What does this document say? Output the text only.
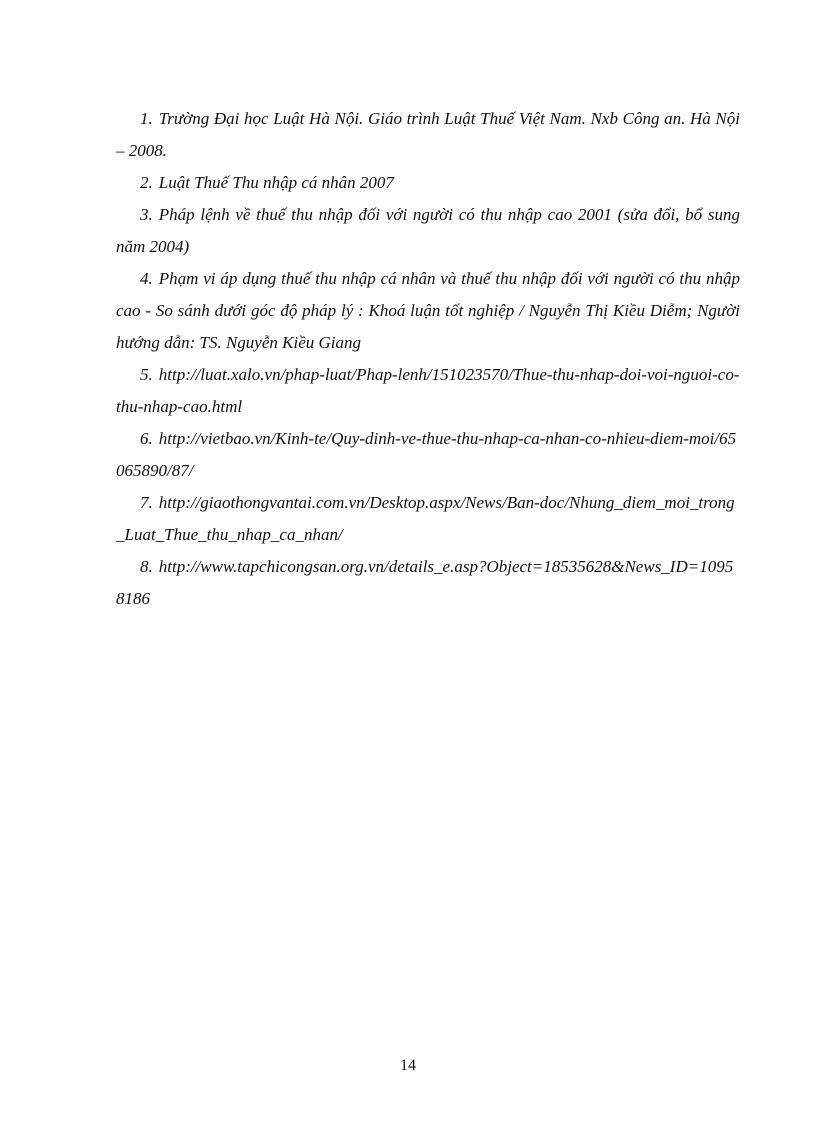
1. Trường Đại học Luật Hà Nội. Giáo trình Luật Thuế Việt Nam. Nxb Công an. Hà Nội – 2008.

2. Luật Thuế Thu nhập cá nhân 2007

3. Pháp lệnh về thuế thu nhập đối với người có thu nhập cao 2001 (sửa đổi, bổ sung năm 2004)

4. Phạm vi áp dụng thuế thu nhập cá nhân và thuế thu nhập đối với người có thu nhập cao - So sánh dưới góc độ pháp lý : Khoá luận tốt nghiệp / Nguyễn Thị Kiều Diễm; Người hướng dẫn: TS. Nguyễn Kiều Giang

5. http://luat.xalo.vn/phap-luat/Phap-lenh/151023570/Thue-thu-nhap-doi-voi-nguoi-co-thu-nhap-cao.html

6. http://vietbao.vn/Kinh-te/Quy-dinh-ve-thue-thu-nhap-ca-nhan-co-nhieu-diem-moi/65065890/87/

7. http://giaothongvantai.com.vn/Desktop.aspx/News/Ban-doc/Nhung_diem_moi_trong_Luat_Thue_thu_nhap_ca_nhan/

8. http://www.tapchicongsan.org.vn/details_e.asp?Object=18535628&News_ID=10958186

14
